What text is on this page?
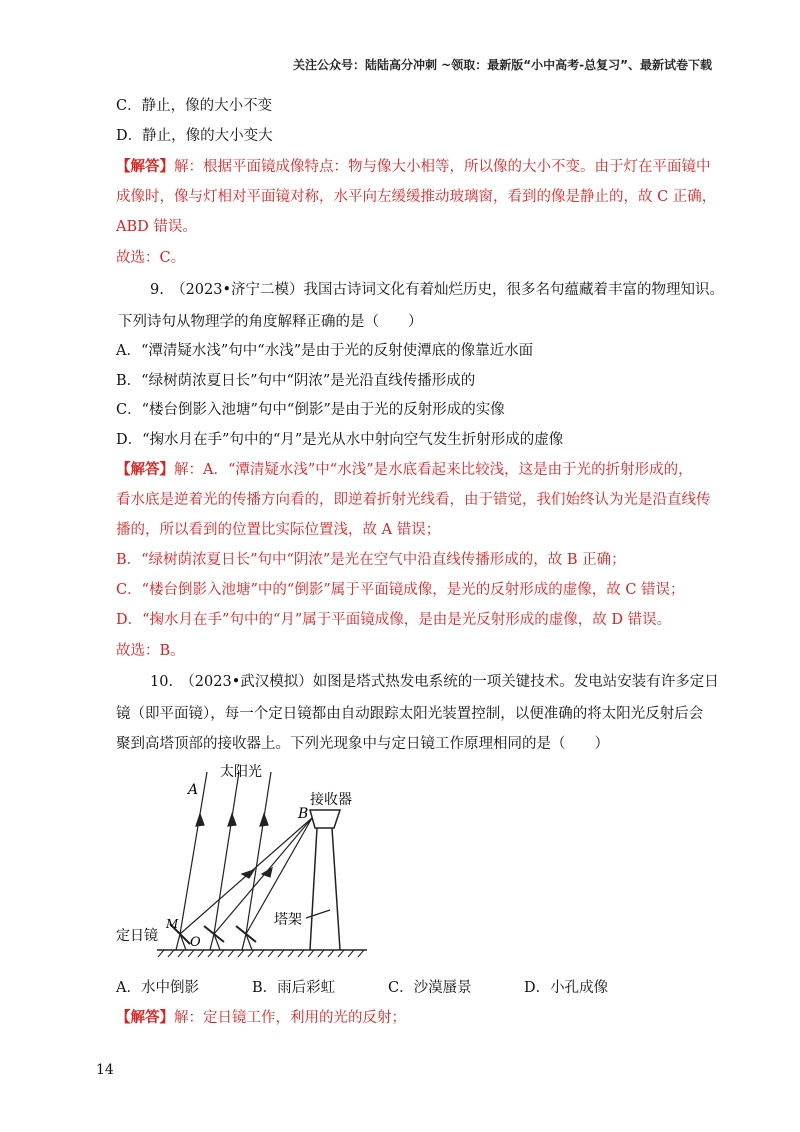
关注公众号：陆陆高分冲刺 ~领取：最新版“小中高考-总复习”、最新试卷下载
C．静止，像的大小不变
D．静止，像的大小变大
【解答】解：根据平面镜成像特点：物与像大小相等，所以像的大小不变。由于灯在平面镜中
成像时，像与灯相对平面镜对称，水平向左缓缓推动玻璃窗，看到的像是静止的，故 C 正确，
ABD 错误。
故选：C。
9.　（2023•济宁二模）我国古诗词文化有着灿烂历史，很多名句蕴藏着丰富的物理知识。
下列诗句从物理学的角度解释正确的是（　　）
A．“潭清疑水浅”句中“水浅”是由于光的反射使潭底的像靠近水面
B．“绿树荫浓夏日长”句中“阴浓”是光沿直线传播形成的
C．“楼台倒影入池塘”句中“倒影”是由于光的反射形成的实像
D．“掬水月在手”句中的“月”是光从水中射向空气发生折射形成的虚像
【解答】解：A．“潭清疑水浅”中“水浅”是水底看起来比较浅，这是由于光的折射形成的，
看水底是逆着光的传播方向看的，即逆着折射光线看，由于错觉，我们始终认为光是沿直线传
播的，所以看到的位置比实际位置浅，故 A 错误；
B．“绿树荫浓夏日长”句中“阴浓”是光在空气中沿直线传播形成的，故 B 正确；
C．“楼台倒影入池塘”中的“倒影”属于平面镜成像，是光的反射形成的虚像，故 C 错误；
D．“掬水月在手”句中的“月”属于平面镜成像，是由是光反射形成的虚像，故 D 错误。
故选：B。
10.　（2023•武汉模拟）如图是塔式热发电系统的一项关键技术。发电站安装有许多定日
镜（即平面镜），每一个定日镜都由自动跟踪太阳光装置控制，以便准确的将太阳光反射后会
聚到高塔顶部的接收器上。下列光现象中与定日镜工作原理相同的是（　　）
太阳光
接收器
塔架
定日镜
A
B
M
O
A．水中倒影	B．雨后彩虹	C．沙漠蜃景	D．小孔成像
【解答】解：定日镜工作，利用的光的反射；
14
